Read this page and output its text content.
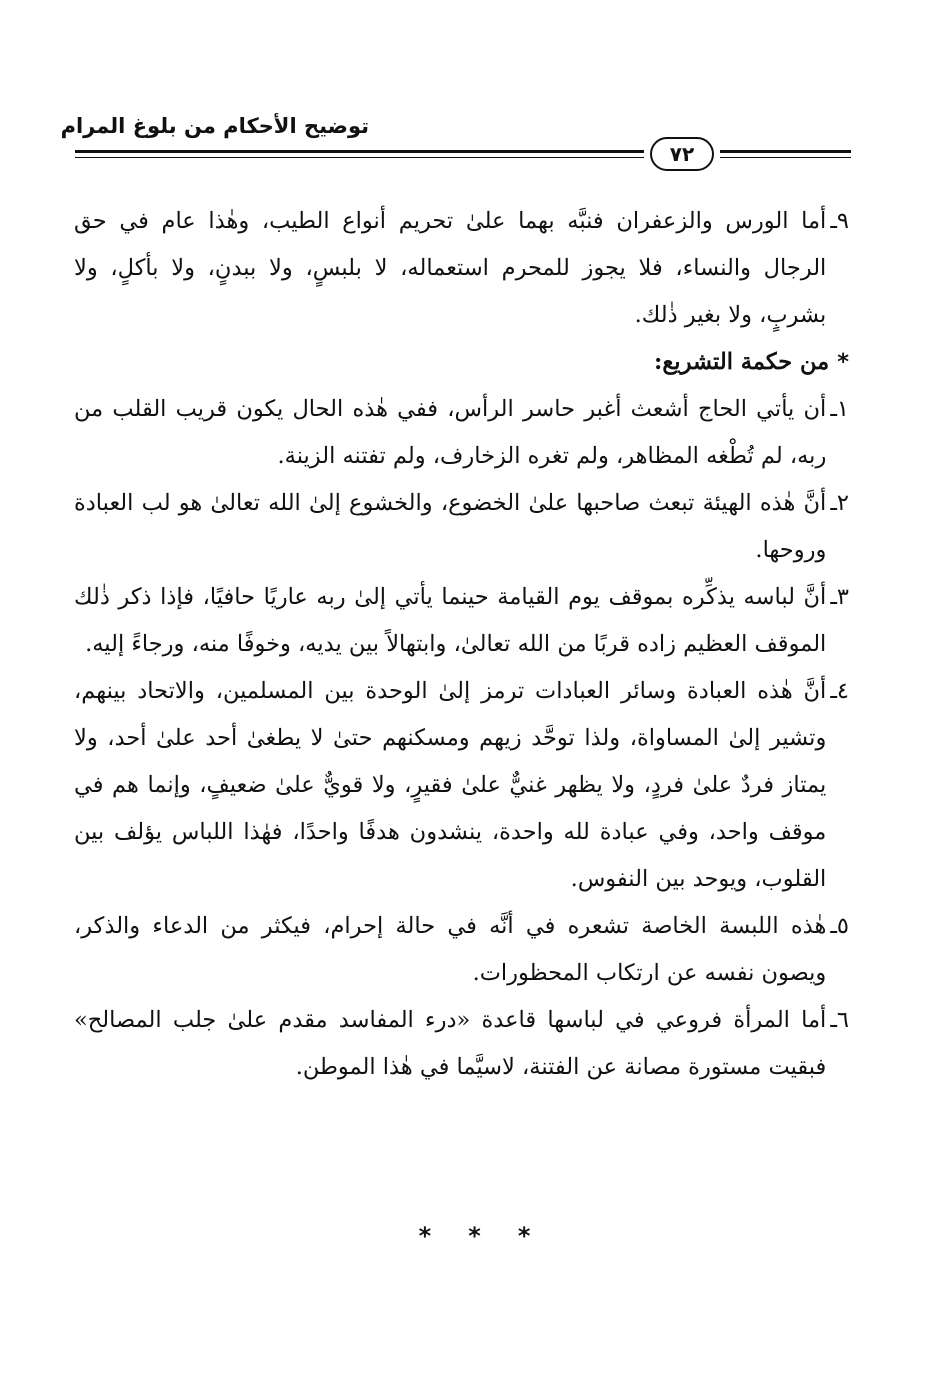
توضيح الأحكام من بلوغ المرام
٧٢

٩ـ
أما الورس والزعفران فنبَّه بهما علىٰ تحريم أنواع الطيب، وهٰذا عام في حق الرجال والنساء، فلا يجوز للمحرم استعماله، لا بلبسٍ، ولا ببدنٍ، ولا بأكلٍ، ولا بشربٍ، ولا بغير ذٰلك.

*
من حكمة التشريع:

١ـ
أن يأتي الحاج أشعث أغبر حاسر الرأس، ففي هٰذه الحال يكون قريب القلب من ربه، لم تُطْغه المظاهر، ولم تغره الزخارف، ولم تفتنه الزينة.

٢ـ
أنَّ هٰذه الهيئة تبعث صاحبها علىٰ الخضوع، والخشوع إلىٰ الله تعالىٰ هو لب العبادة وروحها.

٣ـ
أنَّ لباسه يذكِّره بموقف يوم القيامة حينما يأتي إلىٰ ربه عاريًا حافيًا، فإذا ذكر ذٰلك الموقف العظيم زاده قربًا من الله تعالىٰ، وابتهالاً بين يديه، وخوفًا منه، ورجاءً إليه.

٤ـ
أنَّ هٰذه العبادة وسائر العبادات ترمز إلىٰ الوحدة بين المسلمين، والاتحاد بينهم، وتشير إلىٰ المساواة، ولذا توحَّد زيهم ومسكنهم حتىٰ لا يطغىٰ أحد علىٰ أحد، ولا يمتاز فردٌ علىٰ فردٍ، ولا يظهر غنيٌّ علىٰ فقيرٍ، ولا قويٌّ علىٰ ضعيفٍ، وإنما هم في موقف واحد، وفي عبادة لله واحدة، ينشدون هدفًا واحدًا، فهٰذا اللباس يؤلف بين القلوب، ويوحد بين النفوس.

٥ـ
هٰذه اللبسة الخاصة تشعره في أنَّه في حالة إحرام، فيكثر من الدعاء والذكر، ويصون نفسه عن ارتكاب المحظورات.

٦ـ
أما المرأة فروعي في لباسها قاعدة «درء المفاسد مقدم علىٰ جلب المصالح» فبقيت مستورة مصانة عن الفتنة، لاسيَّما في هٰذا الموطن.

* * *
